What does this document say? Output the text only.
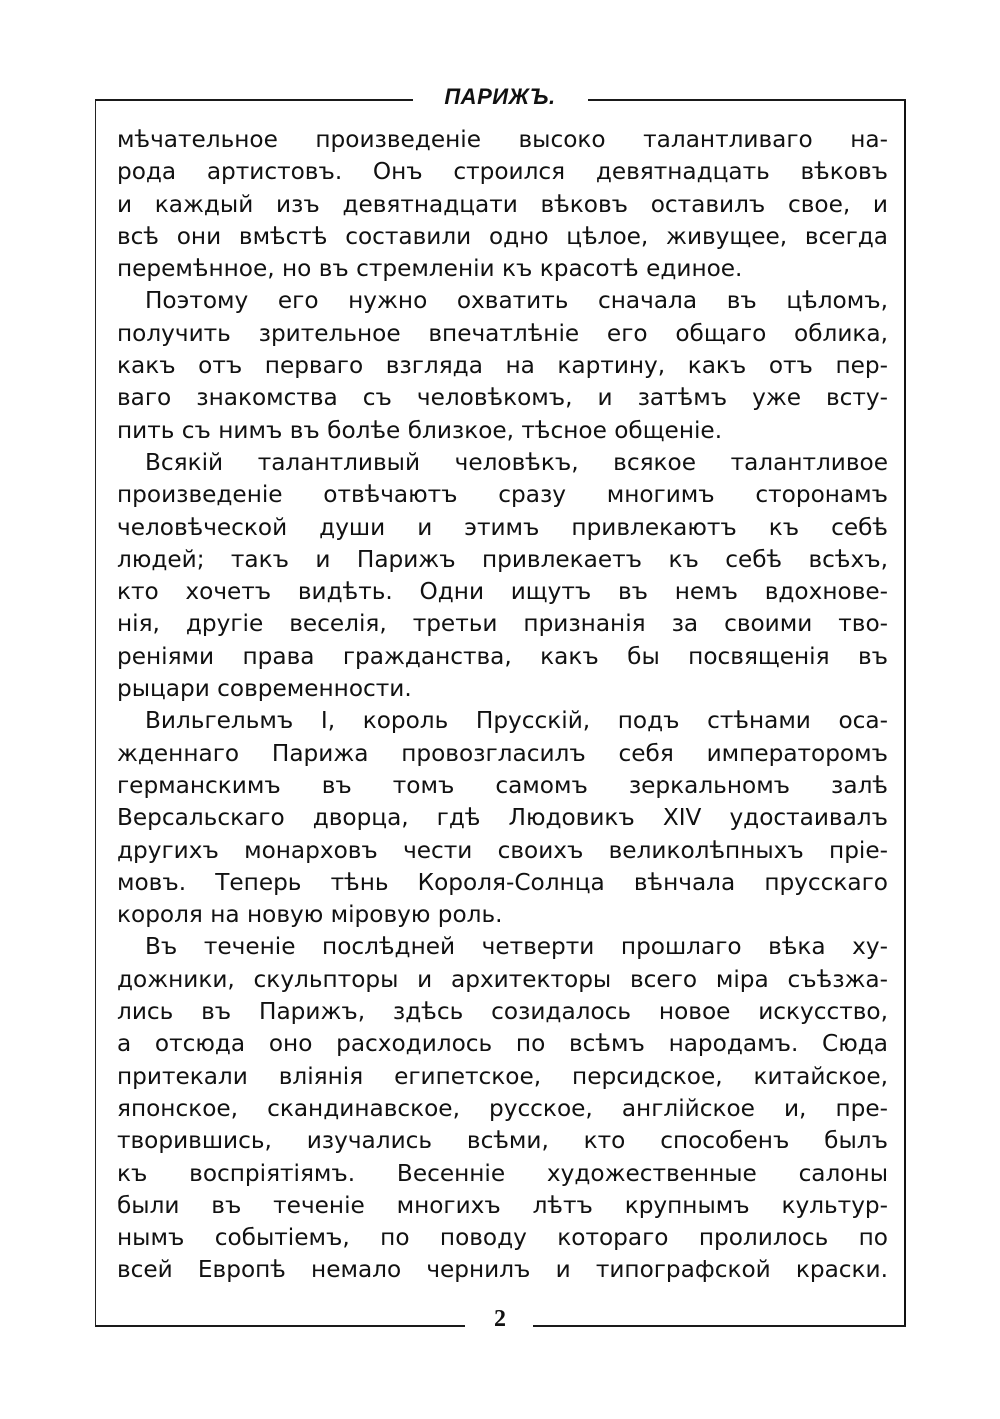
ПАРИЖЪ.
мѣчательное произведенiе высоко талантливаго на-
рода артистовъ. Онъ строился девятнадцать вѣковъ
и каждый изъ девятнадцати вѣковъ оставилъ свое, и
всѣ они вмѣстѣ составили одно цѣлое, живущее, всегда
перемѣнное, но въ стремленiи къ красотѣ единое.
Поэтому его нужно охватить сначала въ цѣломъ,
получить зрительное впечатлѣнiе его общаго облика,
какъ отъ перваго взгляда на картину, какъ отъ пер-
ваго знакомства съ человѣкомъ, и затѣмъ уже всту-
пить съ нимъ въ болѣе близкое, тѣсное общенiе.
Всякiй талантливый человѣкъ, всякое талантливое
произведенiе отвѣчаютъ сразу многимъ сторонамъ
человѣческой души и этимъ привлекаютъ къ себѣ
людей; такъ и Парижъ привлекаетъ къ себѣ всѣхъ,
кто хочетъ видѣть. Одни ищутъ въ немъ вдохнове-
нiя, другiе веселiя, третьи признанiя за своими тво-
ренiями права гражданства, какъ бы посвященiя въ
рыцари современности.
Вильгельмъ I, король Прусскiй, подъ стѣнами оса-
жденнаго Парижа провозгласилъ себя императоромъ
германскимъ въ томъ самомъ зеркальномъ залѣ
Версальскаго дворца, гдѣ Людовикъ XIV удостаивалъ
другихъ монарховъ чести своихъ великолѣпныхъ прiе-
мовъ. Теперь тѣнь Короля-Солнца вѣнчала прусскаго
короля на новую мiровую роль.
Въ теченiе послѣдней четверти прошлаго вѣка ху-
дожники, скульпторы и архитекторы всего мiра съѣзжа-
лись въ Парижъ, здѣсь созидалось новое искусство,
а отсюда оно расходилось по всѣмъ народамъ. Сюда
притекали влiянiя египетское, персидское, китайское,
японское, скандинавское, русское, англiйское и, пре-
творившись, изучались всѣми, кто способенъ былъ
къ воспрiятiямъ. Весеннiе художественные салоны
были въ теченiе многихъ лѣтъ крупнымъ культур-
нымъ событiемъ, по поводу котораго пролилось по
всей Европѣ немало чернилъ и типографской краски.
2
